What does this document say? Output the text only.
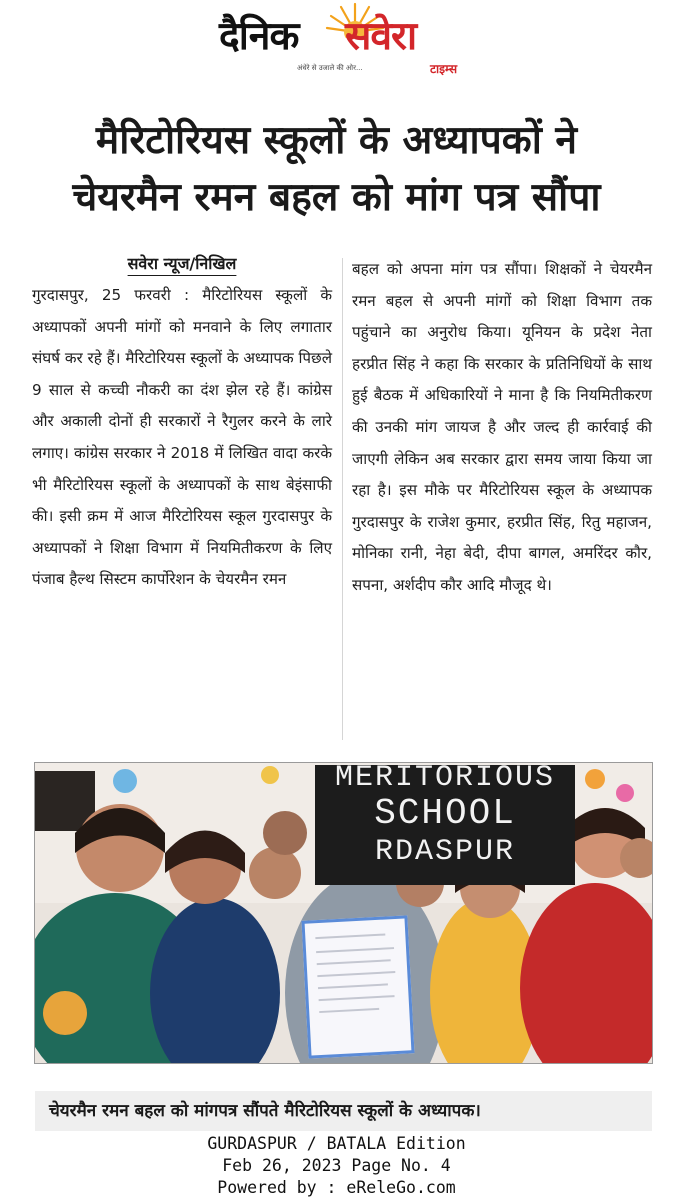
दैनिक सवेरा
अंधेरे से उजाले की ओर...	टाइम्स
मैरिटोरियस स्कूलों के अध्यापकों ने
चेयरमैन रमन बहल को मांग पत्र सौंपा
सवेरा न्यूज/निखिल
गुरदासपुर, 25 फरवरी : मैरिटोरियस स्कूलों के अध्यापकों अपनी मांगों को मनवाने के लिए लगातार संघर्ष कर रहे हैं। मैरिटोरियस स्कूलों के अध्यापक पिछले 9 साल से कच्ची नौकरी का दंश झेल रहे हैं। कांग्रेस और अकाली दोनों ही सरकारों ने रैगुलर करने के लारे लगाए। कांग्रेस सरकार ने 2018 में लिखित वादा करके भी मैरिटोरियस स्कूलों के अध्यापकों के साथ बेइंसाफी की। इसी क्रम में आज मैरिटोरियस स्कूल गुरदासपुर के अध्यापकों ने शिक्षा विभाग में नियमितीकरण के लिए पंजाब हैल्थ सिस्टम कार्पोरेशन के चेयरमैन रमन
बहल को अपना मांग पत्र सौंपा। शिक्षकों ने चेयरमैन रमन बहल से अपनी मांगों को शिक्षा विभाग तक पहुंचाने का अनुरोध किया। यूनियन के प्रदेश नेता हरप्रीत सिंह ने कहा कि सरकार के प्रतिनिधियों के साथ हुई बैठक में अधिकारियों ने माना है कि नियमितीकरण की उनकी मांग जायज है और जल्द ही कार्रवाई की जाएगी लेकिन अब सरकार द्वारा समय जाया किया जा रहा है। इस मौके पर मैरिटोरियस स्कूल के अध्यापक गुरदासपुर के राजेश कुमार, हरप्रीत सिंह, रितु महाजन, मोनिका रानी, नेहा बेदी, दीपा बागल, अमरिंदर कौर, सपना, अर्शदीप कौर आदि मौजूद थे।
MERITORIOUS
SCHOOL
RDASPUR
चेयरमैन रमन बहल को मांगपत्र सौंपते मैरिटोरियस स्कूलों के अध्यापक।
GURDASPUR / BATALA Edition
Feb 26, 2023 Page No. 4
Powered by : eReleGo.com
